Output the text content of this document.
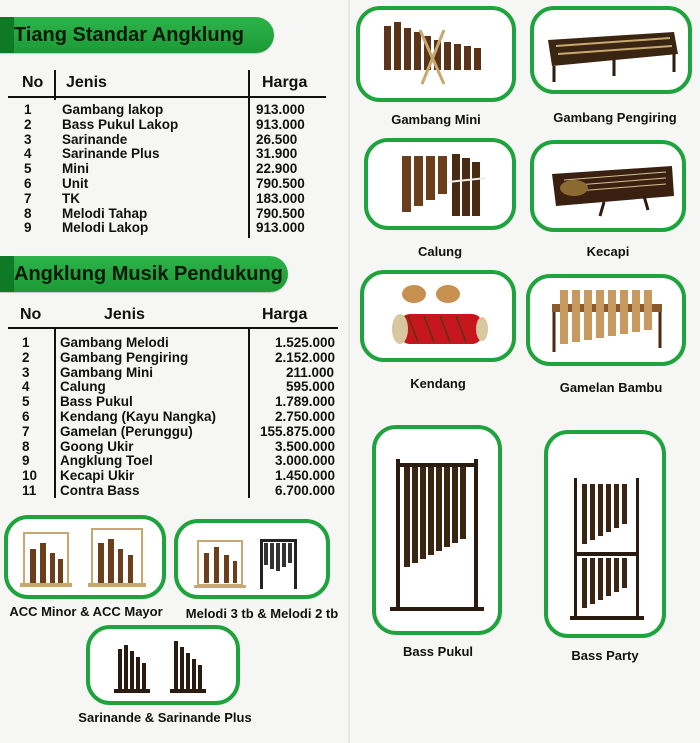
Tiang Standar Angklung
No Jenis	Harga
1 Gambang lakop	913.000
2 Bass Pukul Lakop	913.000
3 Sarinande	26.500
4 Sarinande Plus	31.900
5 Mini	22.900
6 Unit	790.500
7 TK	183.000
8 Melodi Tahap	790.500
9 Melodi Lakop	913.000
Angklung Musik Pendukung
No	Jenis	Harga
1 Gambang Melodi	1.525.000
2 Gambang Pengiring	2.152.000
3 Gambang Mini	211.000
4 Calung	595.000
5 Bass Pukul	1.789.000
6 Kendang (Kayu Nangka)	2.750.000
7 Gamelan (Perunggu)	155.875.000
8 Goong Ukir	3.500.000
9 Angklung Toel	3.000.000
10 Kecapi Ukir	1.450.000
11 Contra Bass	6.700.000
ACC Minor & ACC Mayor	Melodi 3 tb & Melodi 2 tb
Sarinande & Sarinande Plus
Gambang Mini	Gambang Pengiring
Calung	Kecapi
Kendang	Gamelan Bambu
Bass Pukul	Bass Party
